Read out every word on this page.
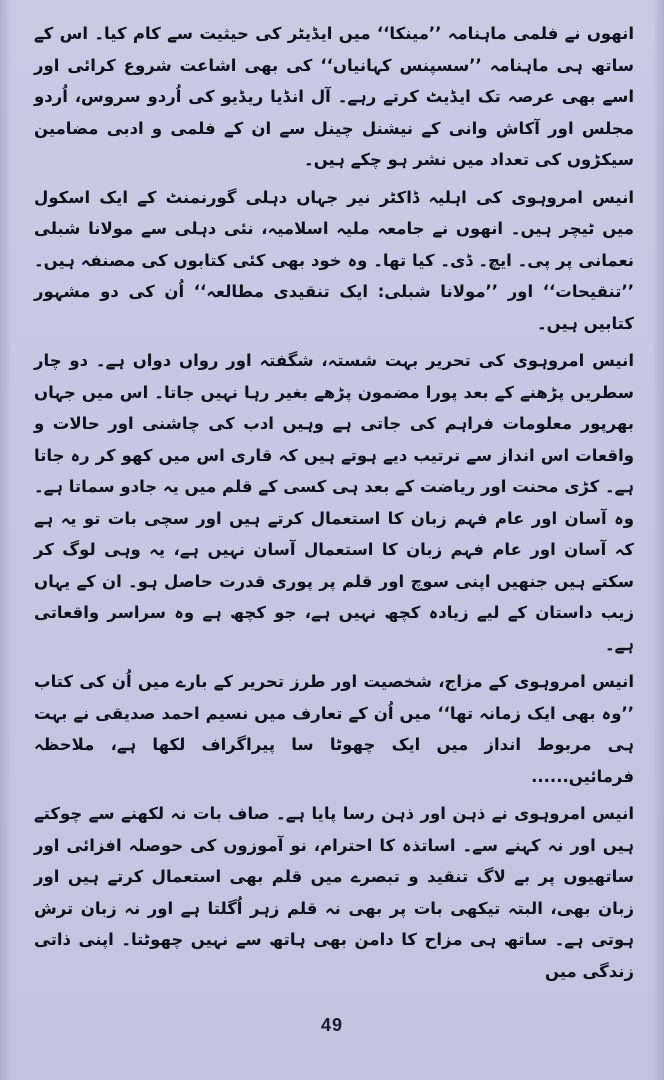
انھوں نے فلمی ماہنامہ ’’مینکا‘‘ میں ایڈیٹر کی حیثیت سے کام کیا۔ اس کے ساتھ ہی ماہنامہ ’’سسپنس کہانیاں‘‘ کی بھی اشاعت شروع کرائی اور اسے بھی عرصہ تک ایڈیٹ کرتے رہے۔ آل انڈیا ریڈیو کی اُردو سروس، اُردو مجلس اور آکاش وانی کے نیشنل چینل سے ان کے فلمی و ادبی مضامین سیکڑوں کی تعداد میں نشر ہو چکے ہیں۔

انیس امروہوی کی اہلیہ ڈاکٹر نیر جہاں دہلی گورنمنٹ کے ایک اسکول میں ٹیچر ہیں۔ انھوں نے جامعہ ملیہ اسلامیہ، نئی دہلی سے مولانا شبلی نعمانی پر پی۔ ایچ۔ ڈی۔ کیا تھا۔ وہ خود بھی کئی کتابوں کی مصنفہ ہیں۔ ’’تنقیحات‘‘ اور ’’مولانا شبلی: ایک تنقیدی مطالعہ‘‘ اُن کی دو مشہور کتابیں ہیں۔

انیس امروہوی کی تحریر بہت شستہ، شگفتہ اور رواں دواں ہے۔ دو چار سطریں پڑھنے کے بعد پورا مضمون پڑھے بغیر رہا نہیں جاتا۔ اس میں جہاں بھرپور معلومات فراہم کی جاتی ہے وہیں ادب کی چاشنی اور حالات و واقعات اس انداز سے ترتیب دیے ہوتے ہیں کہ قاری اس میں کھو کر رہ جاتا ہے۔ کڑی محنت اور ریاضت کے بعد ہی کسی کے قلم میں یہ جادو سماتا ہے۔ وہ آسان اور عام فہم زبان کا استعمال کرتے ہیں اور سچی بات تو یہ ہے کہ آسان اور عام فہم زبان کا استعمال آسان نہیں ہے، یہ وہی لوگ کر سکتے ہیں جنھیں اپنی سوچ اور قلم پر پوری قدرت حاصل ہو۔ ان کے یہاں زیب داستان کے لیے زیادہ کچھ نہیں ہے، جو کچھ ہے وہ سراسر واقعاتی ہے۔

انیس امروہوی کے مزاج، شخصیت اور طرز تحریر کے بارے میں اُن کی کتاب ’’وہ بھی ایک زمانہ تھا‘‘ میں اُن کے تعارف میں نسیم احمد صدیقی نے بہت ہی مربوط انداز میں ایک چھوٹا سا پیراگراف لکھا ہے، ملاحظہ فرمائیں......

انیس امروہوی نے ذہن اور ذہن رسا پایا ہے۔ صاف بات نہ لکھنے سے چوکتے ہیں اور نہ کہنے سے۔ اساتذہ کا احترام، نو آموزوں کی حوصلہ افزائی اور ساتھیوں پر بے لاگ تنقید و تبصرے میں قلم بھی استعمال کرتے ہیں اور زبان بھی، البتہ تیکھی بات پر بھی نہ قلم زہر اُگلتا ہے اور نہ زبان ترش ہوتی ہے۔ ساتھ ہی مزاح کا دامن بھی ہاتھ سے نہیں چھوٹتا۔ اپنی ذاتی زندگی میں

49
